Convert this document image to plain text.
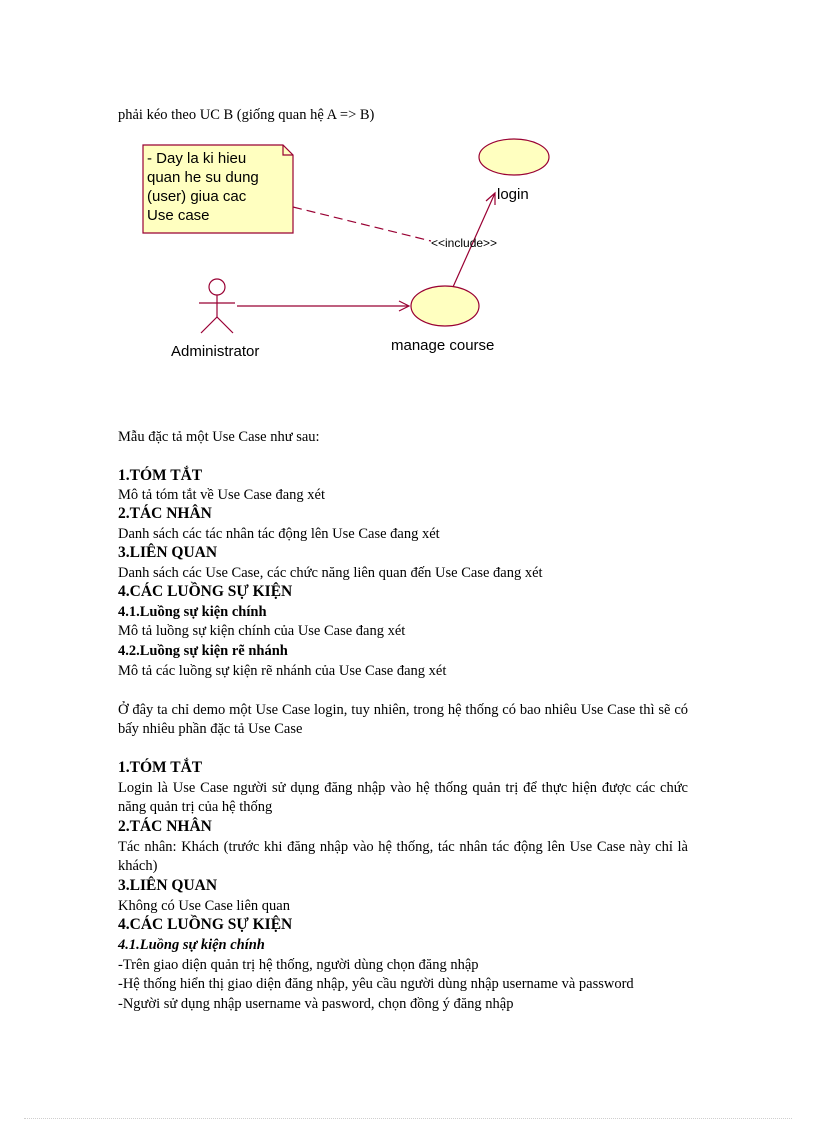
phải kéo theo UC B (giống quan hệ A => B)
- Day la ki hieu quan he su dung (user) giua cac Use case
login
<<include>>
manage course
Administrator
Mẫu đặc tả một Use Case như sau:
1.TÓM TẮT
Mô tả tóm tắt về Use Case đang xét
2.TÁC NHÂN
Danh sách các tác nhân tác động lên Use Case đang xét
3.LIÊN QUAN
Danh sách các Use Case, các chức năng liên quan đến Use Case đang xét
4.CÁC LUỒNG SỰ KIỆN
4.1.Luồng sự kiện chính
Mô tả luồng sự kiện chính của Use Case đang xét
4.2.Luồng sự kiện rẽ nhánh
Mô tả các luồng sự kiện rẽ nhánh của Use Case đang xét
Ở đây ta chỉ demo một Use Case login, tuy nhiên, trong hệ thống có bao nhiêu Use Case thì sẽ có bấy nhiêu phần đặc tả Use Case
1.TÓM TẮT
Login là Use Case người sử dụng đăng nhập vào hệ thống quản trị để thực hiện được các chức năng quản trị của hệ thống
2.TÁC NHÂN
Tác nhân: Khách (trước khi đăng nhập vào hệ thống, tác nhân tác động lên Use Case này chỉ là khách)
3.LIÊN QUAN
Không có Use Case liên quan
4.CÁC LUỒNG SỰ KIỆN
4.1.Luồng sự kiện chính
-Trên giao diện quản trị hệ thống, người dùng chọn đăng nhập
-Hệ thống hiển thị giao diện đăng nhập, yêu cầu người dùng nhập username và password
-Người sử dụng nhập username và pasword, chọn đồng ý đăng nhập
